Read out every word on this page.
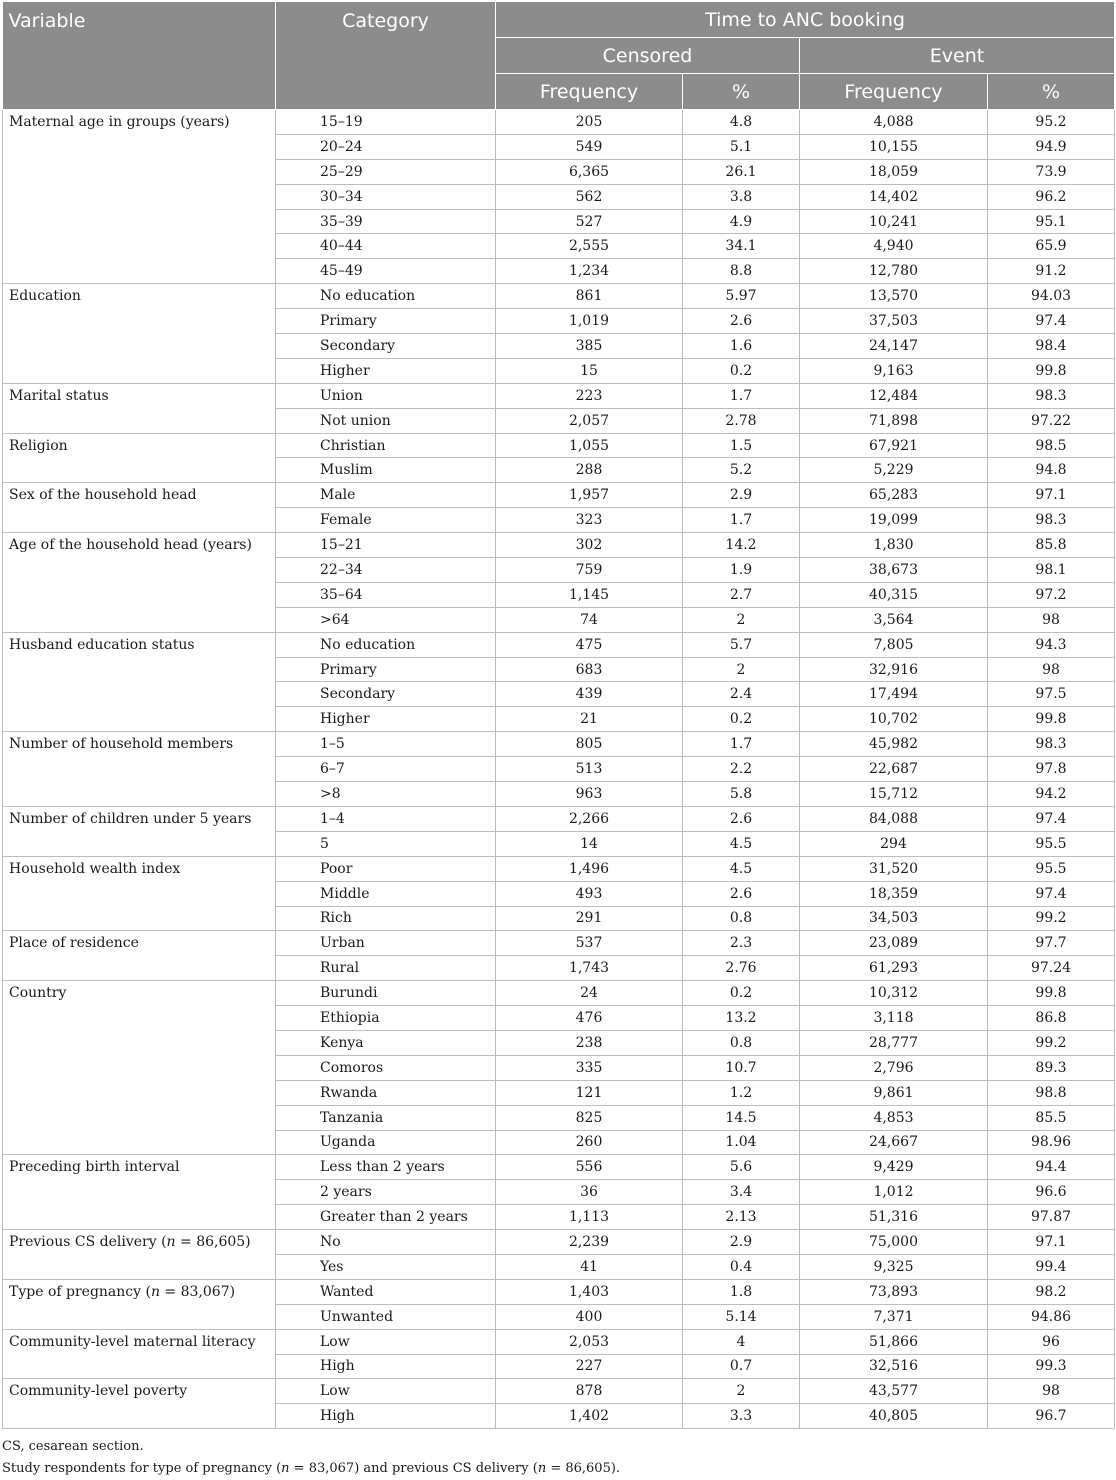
Variable	Category	Time to ANC booking			
		Censored		Event	
		Frequency	%	Frequency	%
Maternal age in groups (years)	15–19	205	4.8	4,088	95.2
	20–24	549	5.1	10,155	94.9
	25–29	6,365	26.1	18,059	73.9
	30–34	562	3.8	14,402	96.2
	35–39	527	4.9	10,241	95.1
	40–44	2,555	34.1	4,940	65.9
	45–49	1,234	8.8	12,780	91.2
Education	No education	861	5.97	13,570	94.03
	Primary	1,019	2.6	37,503	97.4
	Secondary	385	1.6	24,147	98.4
	Higher	15	0.2	9,163	99.8
Marital status	Union	223	1.7	12,484	98.3
	Not union	2,057	2.78	71,898	97.22
Religion	Christian	1,055	1.5	67,921	98.5
	Muslim	288	5.2	5,229	94.8
Sex of the household head	Male	1,957	2.9	65,283	97.1
	Female	323	1.7	19,099	98.3
Age of the household head (years)	15–21	302	14.2	1,830	85.8
	22–34	759	1.9	38,673	98.1
	35–64	1,145	2.7	40,315	97.2
	>64	74	2	3,564	98
Husband education status	No education	475	5.7	7,805	94.3
	Primary	683	2	32,916	98
	Secondary	439	2.4	17,494	97.5
	Higher	21	0.2	10,702	99.8
Number of household members	1–5	805	1.7	45,982	98.3
	6–7	513	2.2	22,687	97.8
	>8	963	5.8	15,712	94.2
Number of children under 5 years	1–4	2,266	2.6	84,088	97.4
	5	14	4.5	294	95.5
Household wealth index	Poor	1,496	4.5	31,520	95.5
	Middle	493	2.6	18,359	97.4
	Rich	291	0.8	34,503	99.2
Place of residence	Urban	537	2.3	23,089	97.7
	Rural	1,743	2.76	61,293	97.24
Country	Burundi	24	0.2	10,312	99.8
	Ethiopia	476	13.2	3,118	86.8
	Kenya	238	0.8	28,777	99.2
	Comoros	335	10.7	2,796	89.3
	Rwanda	121	1.2	9,861	98.8
	Tanzania	825	14.5	4,853	85.5
	Uganda	260	1.04	24,667	98.96
Preceding birth interval	Less than 2 years	556	5.6	9,429	94.4
	2 years	36	3.4	1,012	96.6
	Greater than 2 years	1,113	2.13	51,316	97.87
Previous CS delivery (n = 86,605)	No	2,239	2.9	75,000	97.1
	Yes	41	0.4	9,325	99.4
Type of pregnancy (n = 83,067)	Wanted	1,403	1.8	73,893	98.2
	Unwanted	400	5.14	7,371	94.86
Community-level maternal literacy	Low	2,053	4	51,866	96
	High	227	0.7	32,516	99.3
Community-level poverty	Low	878	2	43,577	98
	High	1,402	3.3	40,805	96.7

CS, cesarean section.

Study respondents for type of pregnancy (n = 83,067) and previous CS delivery (n = 86,605).
